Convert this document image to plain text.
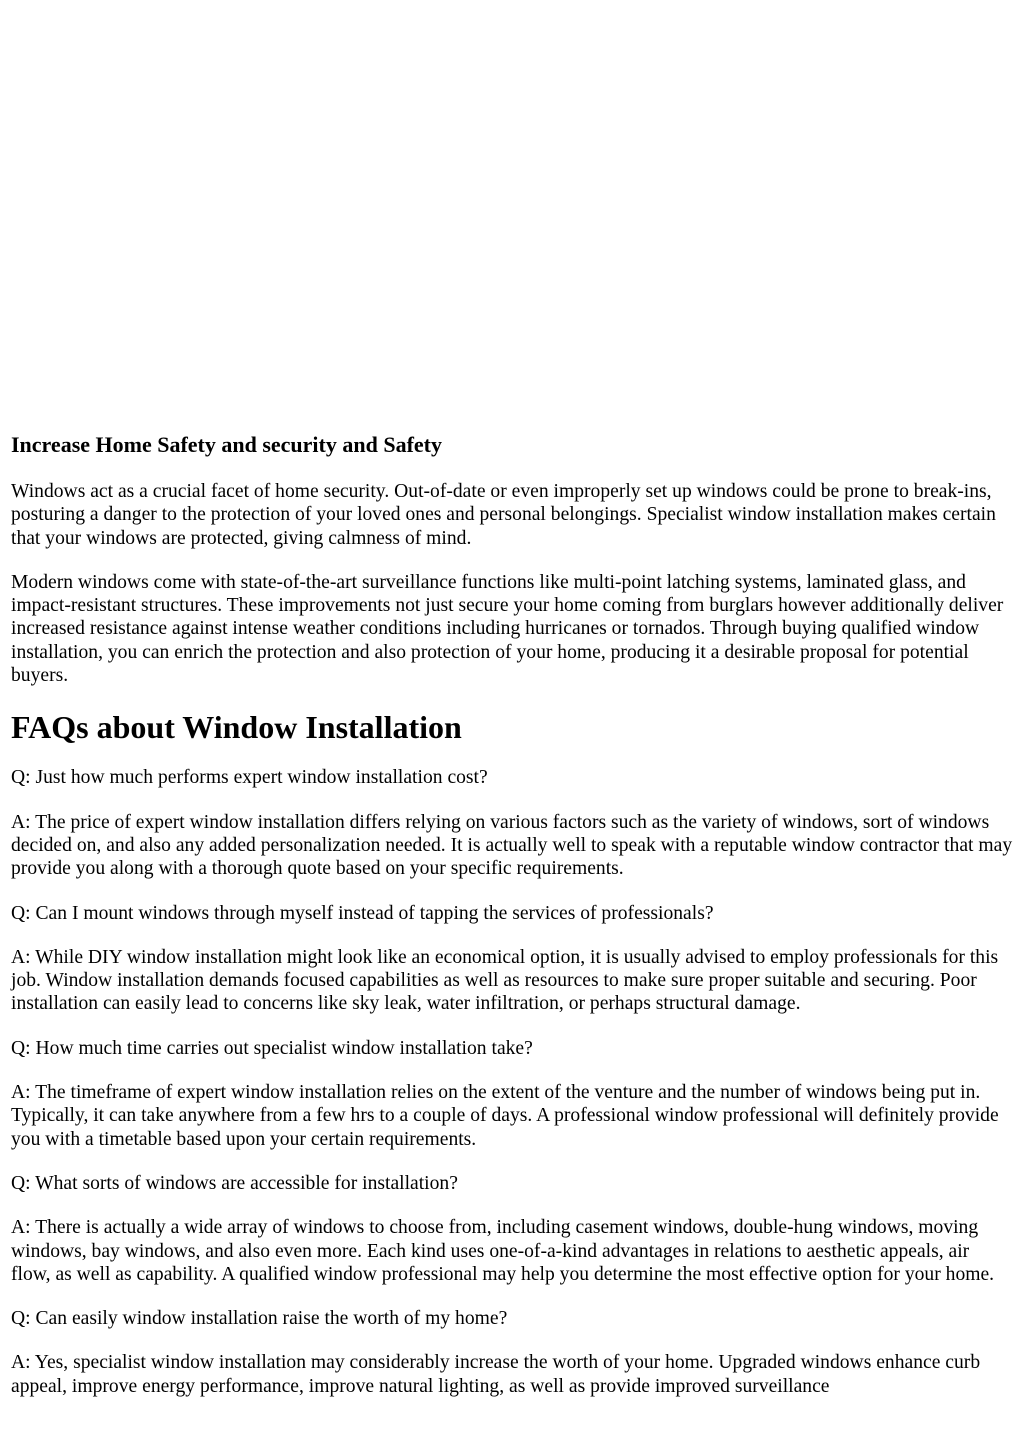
Increase Home Safety and security and Safety

Windows act as a crucial facet of home security. Out-of-date or even improperly set up windows could be prone to break-ins, posturing a danger to the protection of your loved ones and personal belongings. Specialist window installation makes certain that your windows are protected, giving calmness of mind.

Modern windows come with state-of-the-art surveillance functions like multi-point latching systems, laminated glass, and impact-resistant structures. These improvements not just secure your home coming from burglars however additionally deliver increased resistance against intense weather conditions including hurricanes or tornados. Through buying qualified window installation, you can enrich the protection and also protection of your home, producing it a desirable proposal for potential buyers.

FAQs about Window Installation

Q: Just how much performs expert window installation cost?

A: The price of expert window installation differs relying on various factors such as the variety of windows, sort of windows decided on, and also any added personalization needed. It is actually well to speak with a reputable window contractor that may provide you along with a thorough quote based on your specific requirements.

Q: Can I mount windows through myself instead of tapping the services of professionals?

A: While DIY window installation might look like an economical option, it is usually advised to employ professionals for this job. Window installation demands focused capabilities as well as resources to make sure proper suitable and securing. Poor installation can easily lead to concerns like sky leak, water infiltration, or perhaps structural damage.

Q: How much time carries out specialist window installation take?

A: The timeframe of expert window installation relies on the extent of the venture and the number of windows being put in. Typically, it can take anywhere from a few hrs to a couple of days. A professional window professional will definitely provide you with a timetable based upon your certain requirements.

Q: What sorts of windows are accessible for installation?

A: There is actually a wide array of windows to choose from, including casement windows, double-hung windows, moving windows, bay windows, and also even more. Each kind uses one-of-a-kind advantages in relations to aesthetic appeals, air flow, as well as capability. A qualified window professional may help you determine the most effective option for your home.

Q: Can easily window installation raise the worth of my home?

A: Yes, specialist window installation may considerably increase the worth of your home. Upgraded windows enhance curb appeal, improve energy performance, improve natural lighting, as well as provide improved surveillance
